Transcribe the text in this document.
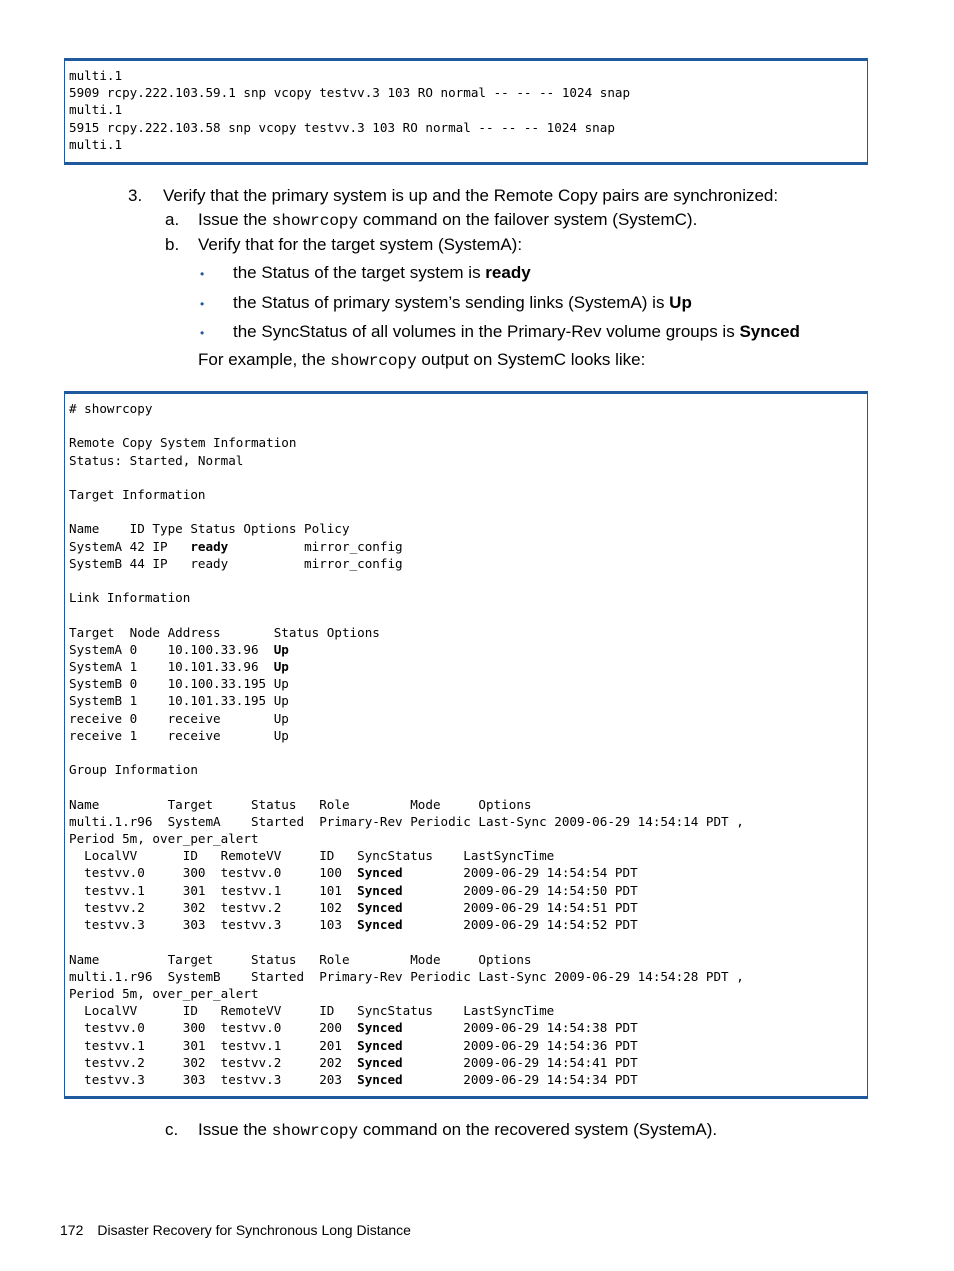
multi.1
5909 rcpy.222.103.59.1 snp vcopy testvv.3 103 RO normal -- -- -- 1024 snap
multi.1
5915 rcpy.222.103.58 snp vcopy testvv.3 103 RO normal -- -- -- 1024 snap
multi.1
3. Verify that the primary system is up and the Remote Copy pairs are synchronized:
a. Issue the showrcopy command on the failover system (SystemC).
b. Verify that for the target system (SystemA):
• the Status of the target system is ready
• the Status of primary system’s sending links (SystemA) is Up
• the SyncStatus of all volumes in the Primary-Rev volume groups is Synced
For example, the showrcopy output on SystemC looks like:
# showrcopy

Remote Copy System Information
Status: Started, Normal

Target Information

Name    ID Type Status Options Policy
SystemA 42 IP   ready          mirror_config
SystemB 44 IP   ready          mirror_config

Link Information

Target  Node Address       Status Options
SystemA 0    10.100.33.96  Up
SystemA 1    10.101.33.96  Up
SystemB 0    10.100.33.195 Up
SystemB 1    10.101.33.195 Up
receive 0    receive       Up
receive 1    receive       Up

Group Information

Name         Target     Status   Role        Mode     Options
multi.1.r96  SystemA    Started  Primary-Rev Periodic Last-Sync 2009-06-29 14:54:14 PDT ,
Period 5m, over_per_alert
LocalVV      ID   RemoteVV     ID   SyncStatus    LastSyncTime
testvv.0     300  testvv.0     100  Synced        2009-06-29 14:54:54 PDT
testvv.1     301  testvv.1     101  Synced        2009-06-29 14:54:50 PDT
testvv.2     302  testvv.2     102  Synced        2009-06-29 14:54:51 PDT
testvv.3     303  testvv.3     103  Synced        2009-06-29 14:54:52 PDT

Name         Target     Status   Role        Mode     Options
multi.1.r96  SystemB    Started  Primary-Rev Periodic Last-Sync 2009-06-29 14:54:28 PDT ,
Period 5m, over_per_alert
LocalVV      ID   RemoteVV     ID   SyncStatus    LastSyncTime
testvv.0     300  testvv.0     200  Synced        2009-06-29 14:54:38 PDT
testvv.1     301  testvv.1     201  Synced        2009-06-29 14:54:36 PDT
testvv.2     302  testvv.2     202  Synced        2009-06-29 14:54:41 PDT
testvv.3     303  testvv.3     203  Synced        2009-06-29 14:54:34 PDT
c. Issue the showrcopy command on the recovered system (SystemA).
172 Disaster Recovery for Synchronous Long Distance
